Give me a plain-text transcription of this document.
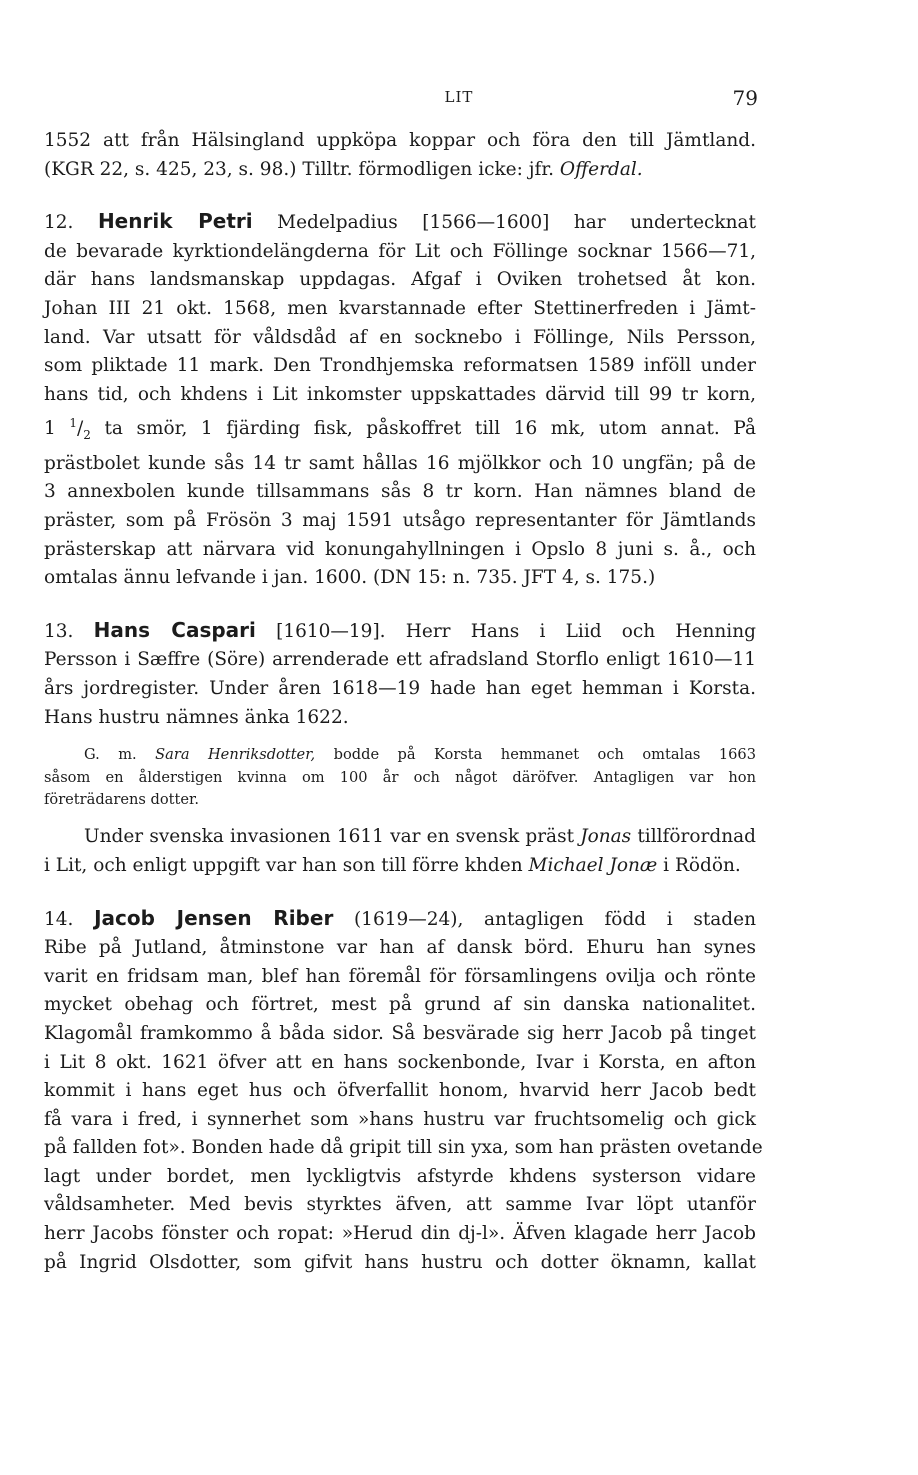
LIT	79
1552 att från Hälsingland uppköpa koppar och föra den till Jämtland.
(KGR 22, s. 425, 23, s. 98.) Tilltr. förmodligen icke: jfr. Offerdal.
12. Henrik Petri Medelpadius [1566—1600] har undertecknat
de bevarade kyrktiondelängderna för Lit och Föllinge socknar 1566—71,
där hans landsmanskap uppdagas. Afgaf i Oviken trohetsed åt kon.
Johan III 21 okt. 1568, men kvarstannade efter Stettinerfreden i Jämt-
land. Var utsatt för våldsdåd af en socknebo i Föllinge, Nils Persson,
som pliktade 11 mark. Den Trondhjemska reformatsen 1589 inföll under
hans tid, och khdens i Lit inkomster uppskattades därvid till 99 tr korn,
1 $^1/_2$ ta smör, 1 fjärding fisk, påskoffret till 16 mk, utom annat. På
prästbolet kunde sås 14 tr samt hållas 16 mjölkkor och 10 ungfän; på de
3 annexbolen kunde tillsammans sås 8 tr korn. Han nämnes bland de
präster, som på Frösön 3 maj 1591 utsågo representanter för Jämtlands
prästerskap att närvara vid konungahyllningen i Opslo 8 juni s. å., och
omtalas ännu lefvande i jan. 1600. (DN 15: n. 735. JFT 4, s. 175.)
13. Hans Caspari [1610—19]. Herr Hans i Liid och Henning
Persson i Sæffre (Söre) arrenderade ett afradsland Storflo enligt 1610—11
års jordregister. Under åren 1618—19 hade han eget hemman i Korsta.
Hans hustru nämnes änka 1622.
G. m. Sara Henriksdotter, bodde på Korsta hemmanet och omtalas 1663
såsom en ålderstigen kvinna om 100 år och något däröfver. Antagligen var hon
företrädarens dotter.
Under svenska invasionen 1611 var en svensk präst Jonas tillförordnad
i Lit, och enligt uppgift var han son till förre khden Michael Jonæ i Rödön.
14. Jacob Jensen Riber (1619—24), antagligen född i staden
Ribe på Jutland, åtminstone var han af dansk börd. Ehuru han synes
varit en fridsam man, blef han föremål för församlingens ovilja och rönte
mycket obehag och förtret, mest på grund af sin danska nationalitet.
Klagomål framkommo å båda sidor. Så besvärade sig herr Jacob på tinget
i Lit 8 okt. 1621 öfver att en hans sockenbonde, Ivar i Korsta, en afton
kommit i hans eget hus och öfverfallit honom, hvarvid herr Jacob bedt
få vara i fred, i synnerhet som »hans hustru var fruchtsomelig och gick
på fallden fot». Bonden hade då gripit till sin yxa, som han prästen ovetande
lagt under bordet, men lyckligtvis afstyrde khdens systerson vidare
våldsamheter. Med bevis styrktes äfven, att samme Ivar löpt utanför
herr Jacobs fönster och ropat: »Herud din dj-l». Äfven klagade herr Jacob
på Ingrid Olsdotter, som gifvit hans hustru och dotter öknamn, kallat
